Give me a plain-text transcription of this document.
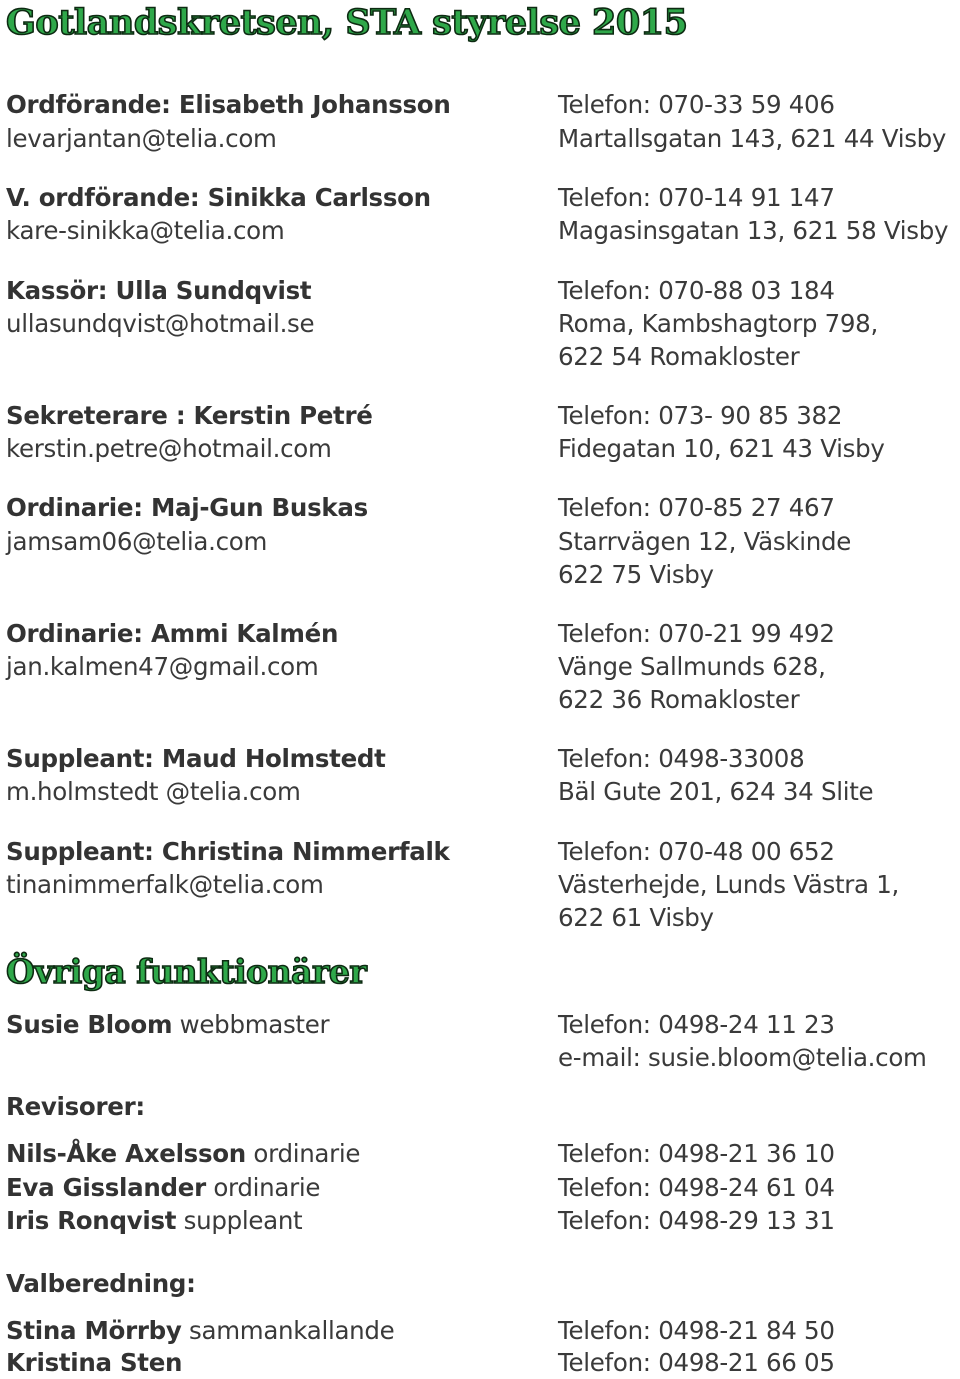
Gotlandskretsen, STA styrelse 2015
Ordförande: Elisabeth Johansson
levarjantan@telia.com
Telefon: 070-33 59 406
Martallsgatan 143, 621 44 Visby
V. ordförande: Sinikka Carlsson
kare-sinikka@telia.com
Telefon: 070-14 91 147
Magasinsgatan 13, 621 58 Visby
Kassör: Ulla Sundqvist
ullasundqvist@hotmail.se
Telefon: 070-88 03 184
Roma, Kambshagtorp 798,
622 54 Romakloster
Sekreterare : Kerstin Petré
kerstin.petre@hotmail.com
Telefon: 073- 90 85 382
Fidegatan 10, 621 43 Visby
Ordinarie: Maj-Gun Buskas
jamsam06@telia.com
Telefon: 070-85 27 467
Starrvägen 12, Väskinde
622 75 Visby
Ordinarie: Ammi Kalmén
jan.kalmen47@gmail.com
Telefon: 070-21 99 492
Vänge Sallmunds 628,
622 36 Romakloster
Suppleant: Maud Holmstedt
m.holmstedt @telia.com
Telefon: 0498-33008
Bäl Gute 201, 624 34 Slite
Suppleant: Christina Nimmerfalk
tinanimmerfalk@telia.com
Telefon: 070-48 00 652
Västerhejde, Lunds Västra 1,
622 61 Visby
Övriga funktionärer
Susie Bloom webbmaster	Telefon: 0498-24 11 23
e-mail: susie.bloom@telia.com
Revisorer:
Nils-Åke Axelsson ordinarie	Telefon: 0498-21 36 10
Eva Gisslander ordinarie	Telefon: 0498-24 61 04
Iris Ronqvist suppleant	Telefon: 0498-29 13 31
Valberedning:
Stina Mörrby sammankallande	Telefon: 0498-21 84 50
Kristina Sten	Telefon: 0498-21 66 05
